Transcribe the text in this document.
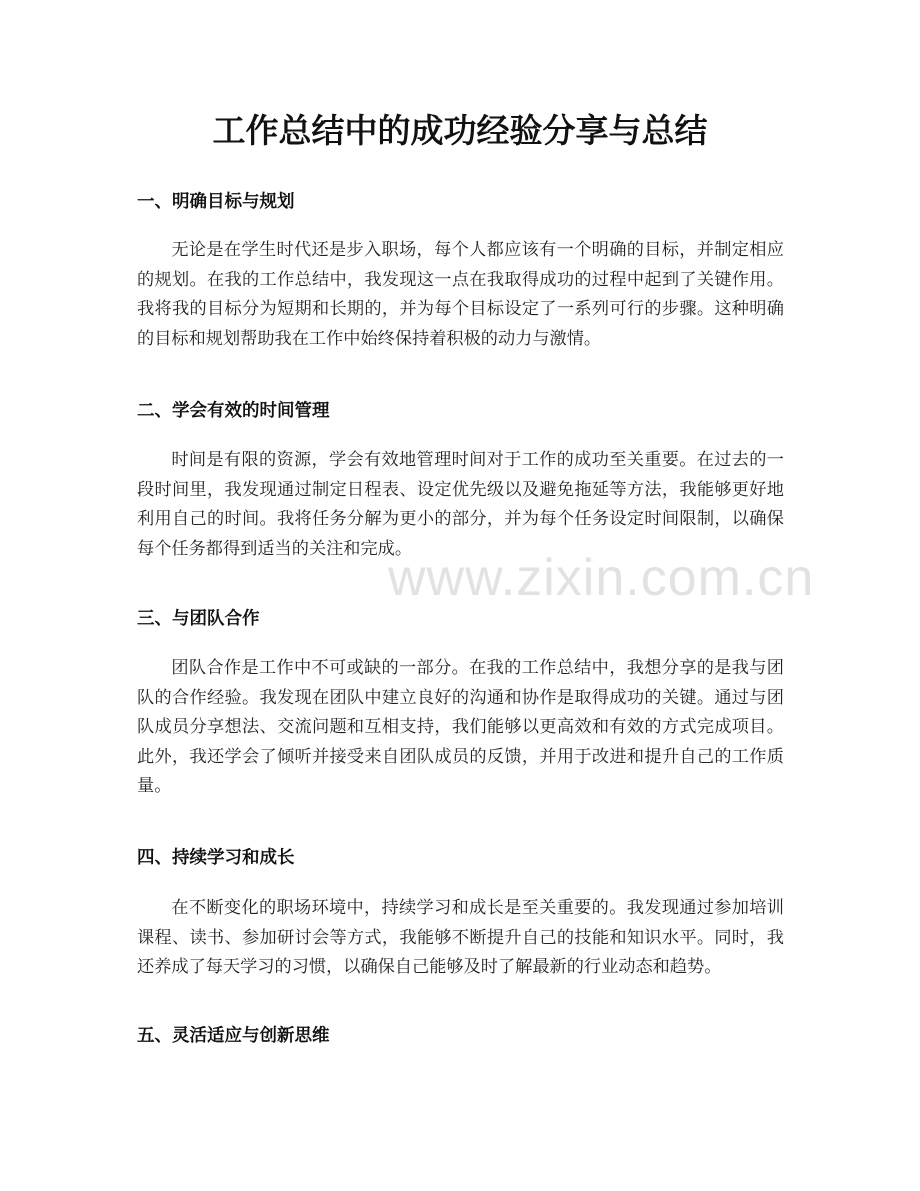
工作总结中的成功经验分享与总结
一、明确目标与规划

无论是在学生时代还是步入职场，每个人都应该有一个明确的目标，并制定相应的规划。在我的工作总结中，我发现这一点在我取得成功的过程中起到了关键作用。我将我的目标分为短期和长期的，并为每个目标设定了一系列可行的步骤。这种明确的目标和规划帮助我在工作中始终保持着积极的动力与激情。

二、学会有效的时间管理

时间是有限的资源，学会有效地管理时间对于工作的成功至关重要。在过去的一段时间里，我发现通过制定日程表、设定优先级以及避免拖延等方法，我能够更好地利用自己的时间。我将任务分解为更小的部分，并为每个任务设定时间限制，以确保每个任务都得到适当的关注和完成。

三、与团队合作

团队合作是工作中不可或缺的一部分。在我的工作总结中，我想分享的是我与团队的合作经验。我发现在团队中建立良好的沟通和协作是取得成功的关键。通过与团队成员分享想法、交流问题和互相支持，我们能够以更高效和有效的方式完成项目。此外，我还学会了倾听并接受来自团队成员的反馈，并用于改进和提升自己的工作质量。

四、持续学习和成长

在不断变化的职场环境中，持续学习和成长是至关重要的。我发现通过参加培训课程、读书、参加研讨会等方式，我能够不断提升自己的技能和知识水平。同时，我还养成了每天学习的习惯，以确保自己能够及时了解最新的行业动态和趋势。

五、灵活适应与创新思维
www.zixin.com.cn
